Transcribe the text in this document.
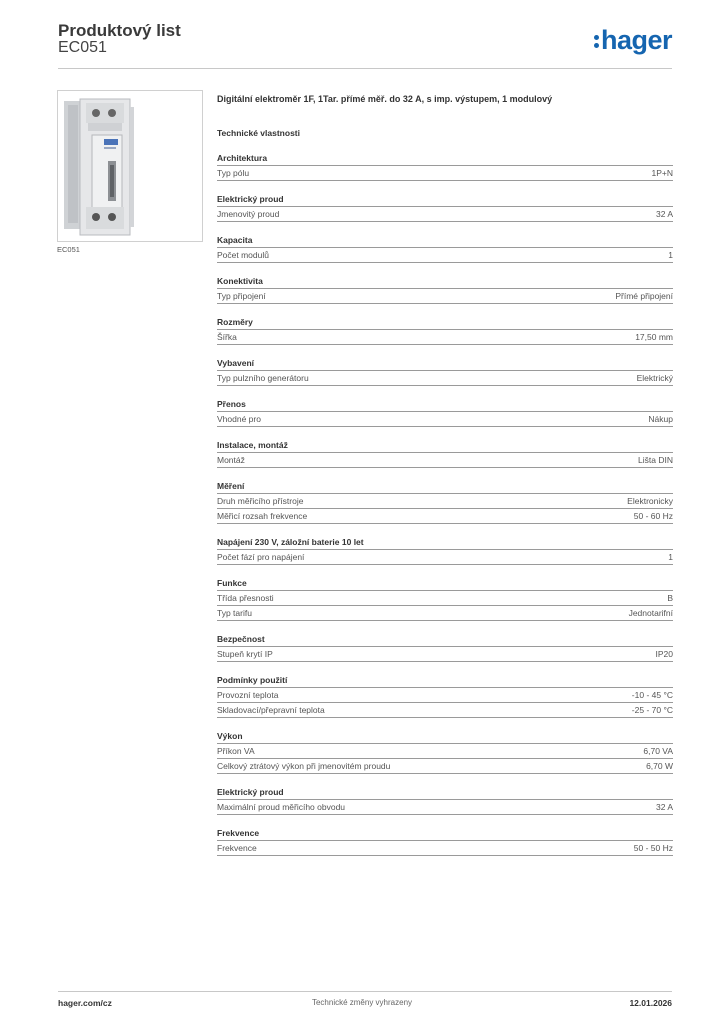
Produktový list
EC051	hager
EC051
Digitální elektroměr 1F, 1Tar. přímé měř. do 32 A, s imp. výstupem, 1 modulový
Technické vlastnosti
Architektura
Typ pólu	1P+N
Elektrický proud
Jmenovitý proud	32 A
Kapacita
Počet modulů	1
Konektivita
Typ připojení	Přímé připojení
Rozměry
Šířka	17,50 mm
Vybavení
Typ pulzního generátoru	Elektrický
Přenos
Vhodné pro	Nákup
Instalace, montáž
Montáž	Lišta DIN
Měření
Druh měřicího přístroje	Elektronicky
Měřicí rozsah frekvence	50 - 60 Hz
Napájení 230 V, záložní baterie 10 let
Počet fází pro napájení	1
Funkce
Třída přesnosti	B
Typ tarifu	Jednotarifní
Bezpečnost
Stupeň krytí IP	IP20
Podmínky použití
Provozní teplota	-10 - 45 °C
Skladovací/přepravní teplota	-25 - 70 °C
Výkon
Příkon VA	6,70 VA
Celkový ztrátový výkon při jmenovitém proudu	6,70 W
Elektrický proud
Maximální proud měřicího obvodu	32 A
Frekvence
Frekvence	50 - 50 Hz
hager.com/cz	Technické změny vyhrazeny	12.01.2026
